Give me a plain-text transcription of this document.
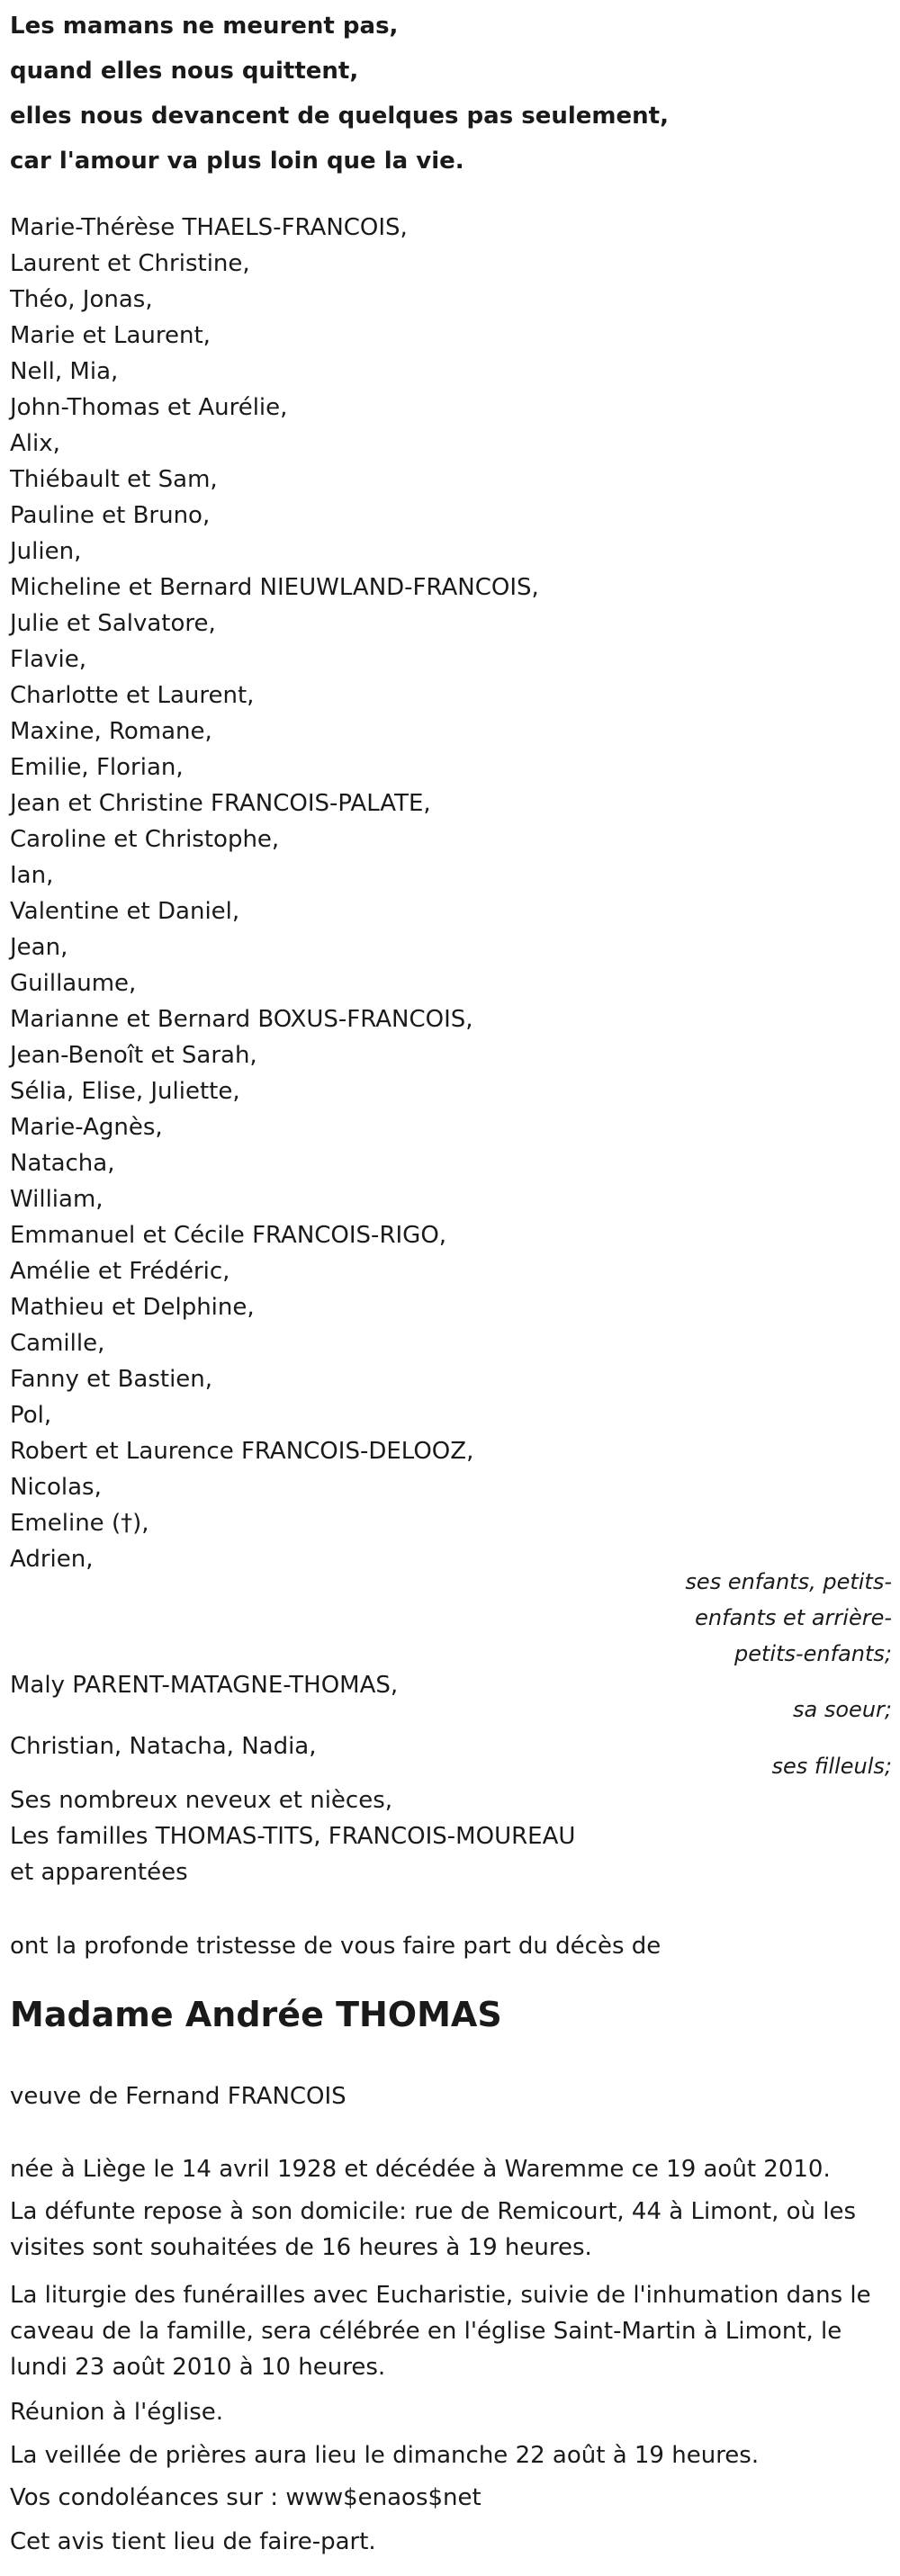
Les mamans ne meurent pas,
quand elles nous quittent,
elles nous devancent de quelques pas seulement,
car l'amour va plus loin que la vie.
Marie-Thérèse THAELS-FRANCOIS,
Laurent et Christine,
Théo, Jonas,
Marie et Laurent,
Nell, Mia,
John-Thomas et Aurélie,
Alix,
Thiébault et Sam,
Pauline et Bruno,
Julien,
Micheline et Bernard NIEUWLAND-FRANCOIS,
Julie et Salvatore,
Flavie,
Charlotte et Laurent,
Maxine, Romane,
Emilie, Florian,
Jean et Christine FRANCOIS-PALATE,
Caroline et Christophe,
Ian,
Valentine et Daniel,
Jean,
Guillaume,
Marianne et Bernard BOXUS-FRANCOIS,
Jean-Benoît et Sarah,
Sélia, Elise, Juliette,
Marie-Agnès,
Natacha,
William,
Emmanuel et Cécile FRANCOIS-RIGO,
Amélie et Frédéric,
Mathieu et Delphine,
Camille,
Fanny et Bastien,
Pol,
Robert et Laurence FRANCOIS-DELOOZ,
Nicolas,
Emeline (†),
Adrien,
ses enfants, petits-
enfants et arrière-
petits-enfants;
Maly PARENT-MATAGNE-THOMAS,
sa soeur;
Christian, Natacha, Nadia,
ses filleuls;
Ses nombreux neveux et nièces,
Les familles THOMAS-TITS, FRANCOIS-MOUREAU
et apparentées
ont la profonde tristesse de vous faire part du décès de
Madame Andrée THOMAS
veuve de Fernand FRANCOIS
née à Liège le 14 avril 1928 et décédée à Waremme ce 19 août 2010.
La défunte repose à son domicile: rue de Remicourt, 44 à Limont, où les visites sont souhaitées de 16 heures à 19 heures.
La liturgie des funérailles avec Eucharistie, suivie de l'inhumation dans le caveau de la famille, sera célébrée en l'église Saint-Martin à Limont, le lundi 23 août 2010 à 10 heures.
Réunion à l'église.
La veillée de prières aura lieu le dimanche 22 août à 19 heures.
Vos condoléances sur : www$enaos$net
Cet avis tient lieu de faire-part.
